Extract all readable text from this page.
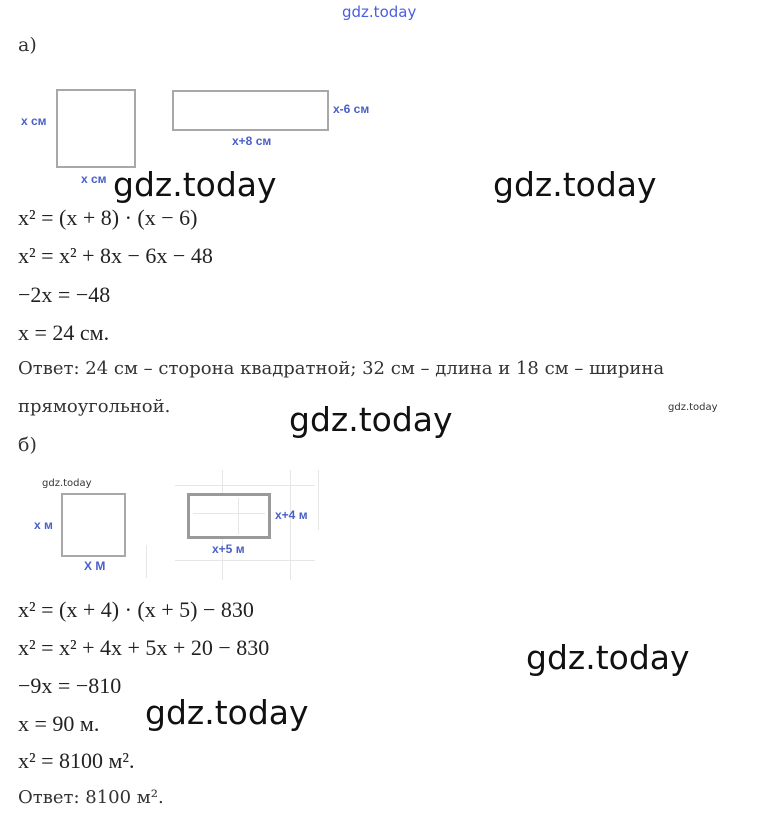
gdz.today
а)
x см
x см
x-6 см
x+8 см
gdz.today	gdz.today
x² = (x + 8) · (x − 6)
x² = x² + 8x − 6x − 48
−2x = −48
x = 24 см.
Ответ: 24 см – сторона квадратной; 32 см – длина и 18 см – ширина
прямоугольной.	gdz.today	gdz.today
б)
gdz.today
x м
X М
x+4 м
x+5 м
x² = (x + 4) · (x + 5) − 830
x² = x² + 4x + 5x + 20 − 830	gdz.today
−9x = −810
x = 90 м. gdz.today
x² = 8100 м².
Ответ: 8100 м².
